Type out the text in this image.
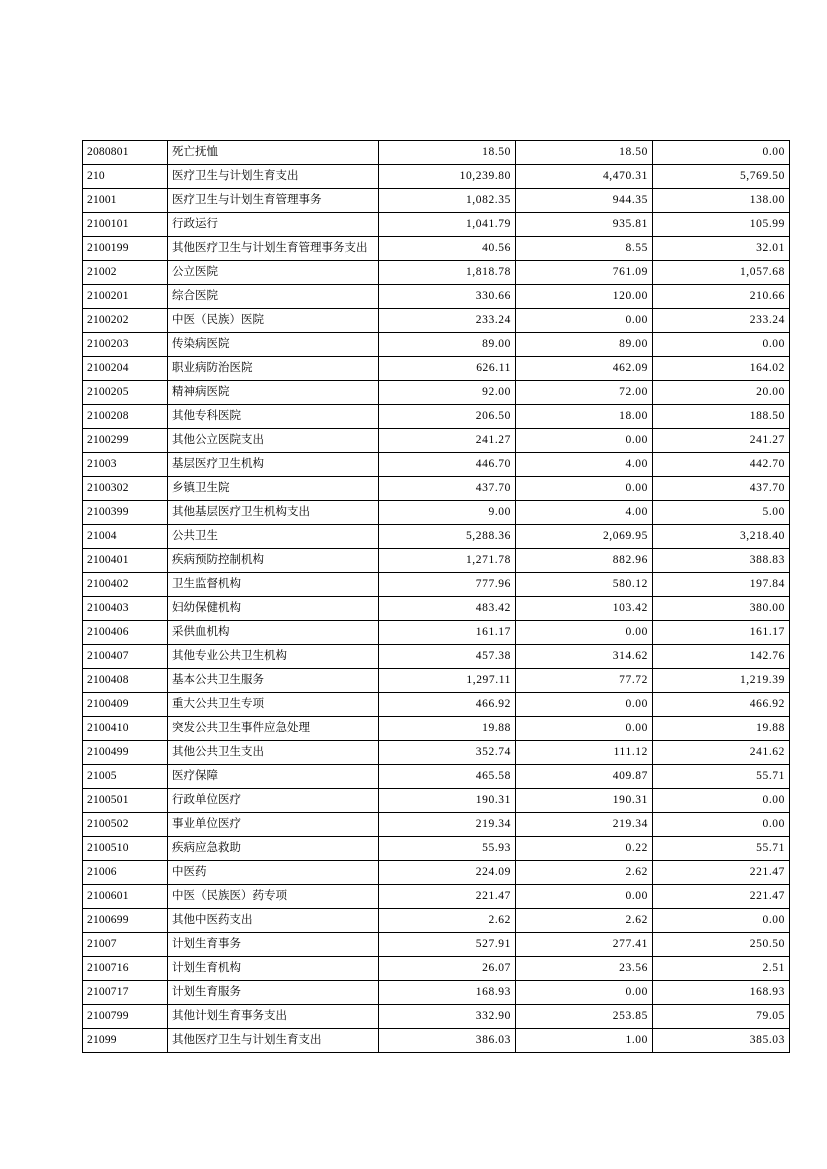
2080801	死亡抚恤	18.50	18.50	0.00
210	医疗卫生与计划生育支出	10,239.80	4,470.31	5,769.50
21001	医疗卫生与计划生育管理事务	1,082.35	944.35	138.00
2100101	行政运行	1,041.79	935.81	105.99
2100199	其他医疗卫生与计划生育管理事务支出	40.56	8.55	32.01
21002	公立医院	1,818.78	761.09	1,057.68
2100201	综合医院	330.66	120.00	210.66
2100202	中医（民族）医院	233.24	0.00	233.24
2100203	传染病医院	89.00	89.00	0.00
2100204	职业病防治医院	626.11	462.09	164.02
2100205	精神病医院	92.00	72.00	20.00
2100208	其他专科医院	206.50	18.00	188.50
2100299	其他公立医院支出	241.27	0.00	241.27
21003	基层医疗卫生机构	446.70	4.00	442.70
2100302	乡镇卫生院	437.70	0.00	437.70
2100399	其他基层医疗卫生机构支出	9.00	4.00	5.00
21004	公共卫生	5,288.36	2,069.95	3,218.40
2100401	疾病预防控制机构	1,271.78	882.96	388.83
2100402	卫生监督机构	777.96	580.12	197.84
2100403	妇幼保健机构	483.42	103.42	380.00
2100406	采供血机构	161.17	0.00	161.17
2100407	其他专业公共卫生机构	457.38	314.62	142.76
2100408	基本公共卫生服务	1,297.11	77.72	1,219.39
2100409	重大公共卫生专项	466.92	0.00	466.92
2100410	突发公共卫生事件应急处理	19.88	0.00	19.88
2100499	其他公共卫生支出	352.74	111.12	241.62
21005	医疗保障	465.58	409.87	55.71
2100501	行政单位医疗	190.31	190.31	0.00
2100502	事业单位医疗	219.34	219.34	0.00
2100510	疾病应急救助	55.93	0.22	55.71
21006	中医药	224.09	2.62	221.47
2100601	中医（民族医）药专项	221.47	0.00	221.47
2100699	其他中医药支出	2.62	2.62	0.00
21007	计划生育事务	527.91	277.41	250.50
2100716	计划生育机构	26.07	23.56	2.51
2100717	计划生育服务	168.93	0.00	168.93
2100799	其他计划生育事务支出	332.90	253.85	79.05
21099	其他医疗卫生与计划生育支出	386.03	1.00	385.03
